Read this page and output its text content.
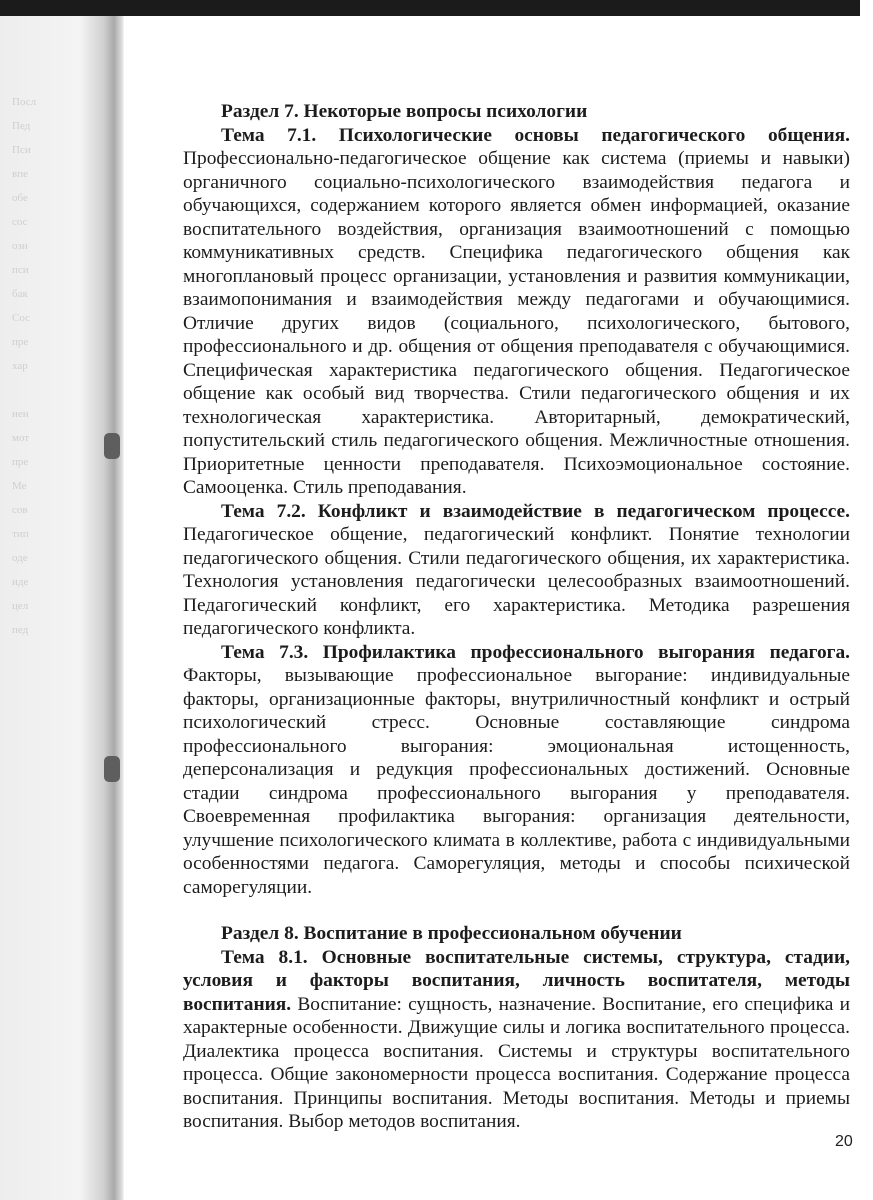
Посл
Пед
Пси
впе
обе
сос
озн
пси
бак
Сос
пре
хар

нен
мот
пре
Ме
сов
тип
оде
иде
цел
пед

Раздел 7. Некоторые вопросы психологии

Тема 7.1. Психологические основы педагогического общения. Профессионально-педагогическое общение как система (приемы и навыки) органичного социально-психологического взаимодействия педагога и обучающихся, содержанием которого является обмен информацией, оказание воспитательного воздействия, организация взаимоотношений с помощью коммуникативных средств. Специфика педагогического общения как многоплановый процесс организации, установления и развития коммуникации, взаимопонимания и взаимодействия между педагогами и обучающимися. Отличие других видов (социального, психологического, бытового, профессионального и др. общения от общения преподавателя с обучающимися. Специфическая характеристика педагогического общения. Педагогическое общение как особый вид творчества. Стили педагогического общения и их технологическая характеристика. Авторитарный, демократический, попустительский стиль педагогического общения. Межличностные отношения. Приоритетные ценности преподавателя. Психоэмоциональное состояние. Самооценка. Стиль преподавания.

Тема 7.2. Конфликт и взаимодействие в педагогическом процессе. Педагогическое общение, педагогический конфликт. Понятие технологии педагогического общения. Стили педагогического общения, их характеристика. Технология установления педагогически целесообразных взаимоотношений. Педагогический конфликт, его характеристика. Методика разрешения педагогического конфликта.

Тема 7.3. Профилактика профессионального выгорания педагога. Факторы, вызывающие профессиональное выгорание: индивидуальные факторы, организационные факторы, внутриличностный конфликт и острый психологический стресс. Основные составляющие синдрома профессионального выгорания: эмоциональная истощенность, деперсонализация и редукция профессиональных достижений. Основные стадии синдрома профессионального выгорания у преподавателя. Своевременная профилактика выгорания: организация деятельности, улучшение психологического климата в коллективе, работа с индивидуальными особенностями педагога. Саморегуляция, методы и способы психической саморегуляции.

Раздел 8. Воспитание в профессиональном обучении

Тема 8.1. Основные воспитательные системы, структура, стадии, условия и факторы воспитания, личность воспитателя, методы воспитания. Воспитание: сущность, назначение. Воспитание, его специфика и характерные особенности. Движущие силы и логика воспитательного процесса. Диалектика процесса воспитания. Системы и структуры воспитательного процесса. Общие закономерности процесса воспитания. Содержание процесса воспитания. Принципы воспитания. Методы воспитания. Методы и приемы воспитания. Выбор методов воспитания.

20
